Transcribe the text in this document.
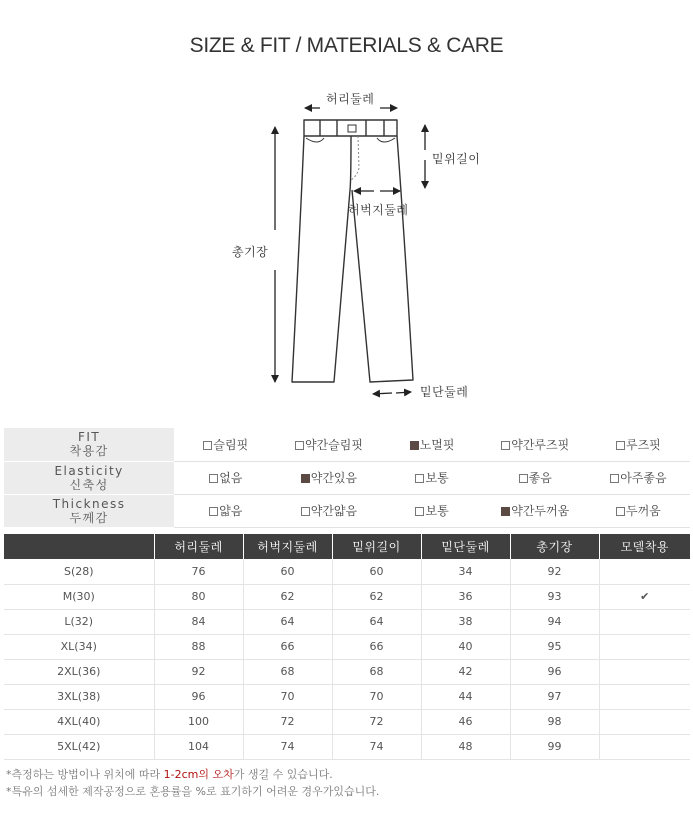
SIZE & FIT / MATERIALS & CARE
허리둘레
밑위길이
허벅지둘레
총기장
밑단둘레
FIT
착용감	슬림핏	약간슬림핏	노멀핏	약간루즈핏	루즈핏

Elasticity
신축성	없음	약간있음	보통	좋음	아주좋음

Thickness
두께감	얇음	약간얇음	보통	약간두꺼움	두꺼움
	허리둘레	허벅지둘레	밑위길이	밑단둘레	총기장	모델착용
S(28)	76	60	60	34	92	
M(30)	80	62	62	36	93	✔
L(32)	84	64	64	38	94	
XL(34)	88	66	66	40	95	
2XL(36)	92	68	68	42	96	
3XL(38)	96	70	70	44	97	
4XL(40)	100	72	72	46	98	
5XL(42)	104	74	74	48	99	
*측정하는 방법이나 위치에 따라 1-2cm의 오차가 생길 수 있습니다.
*특유의 섬세한 제작공정으로 혼용률을 %로 표기하기 어려운 경우가있습니다.
